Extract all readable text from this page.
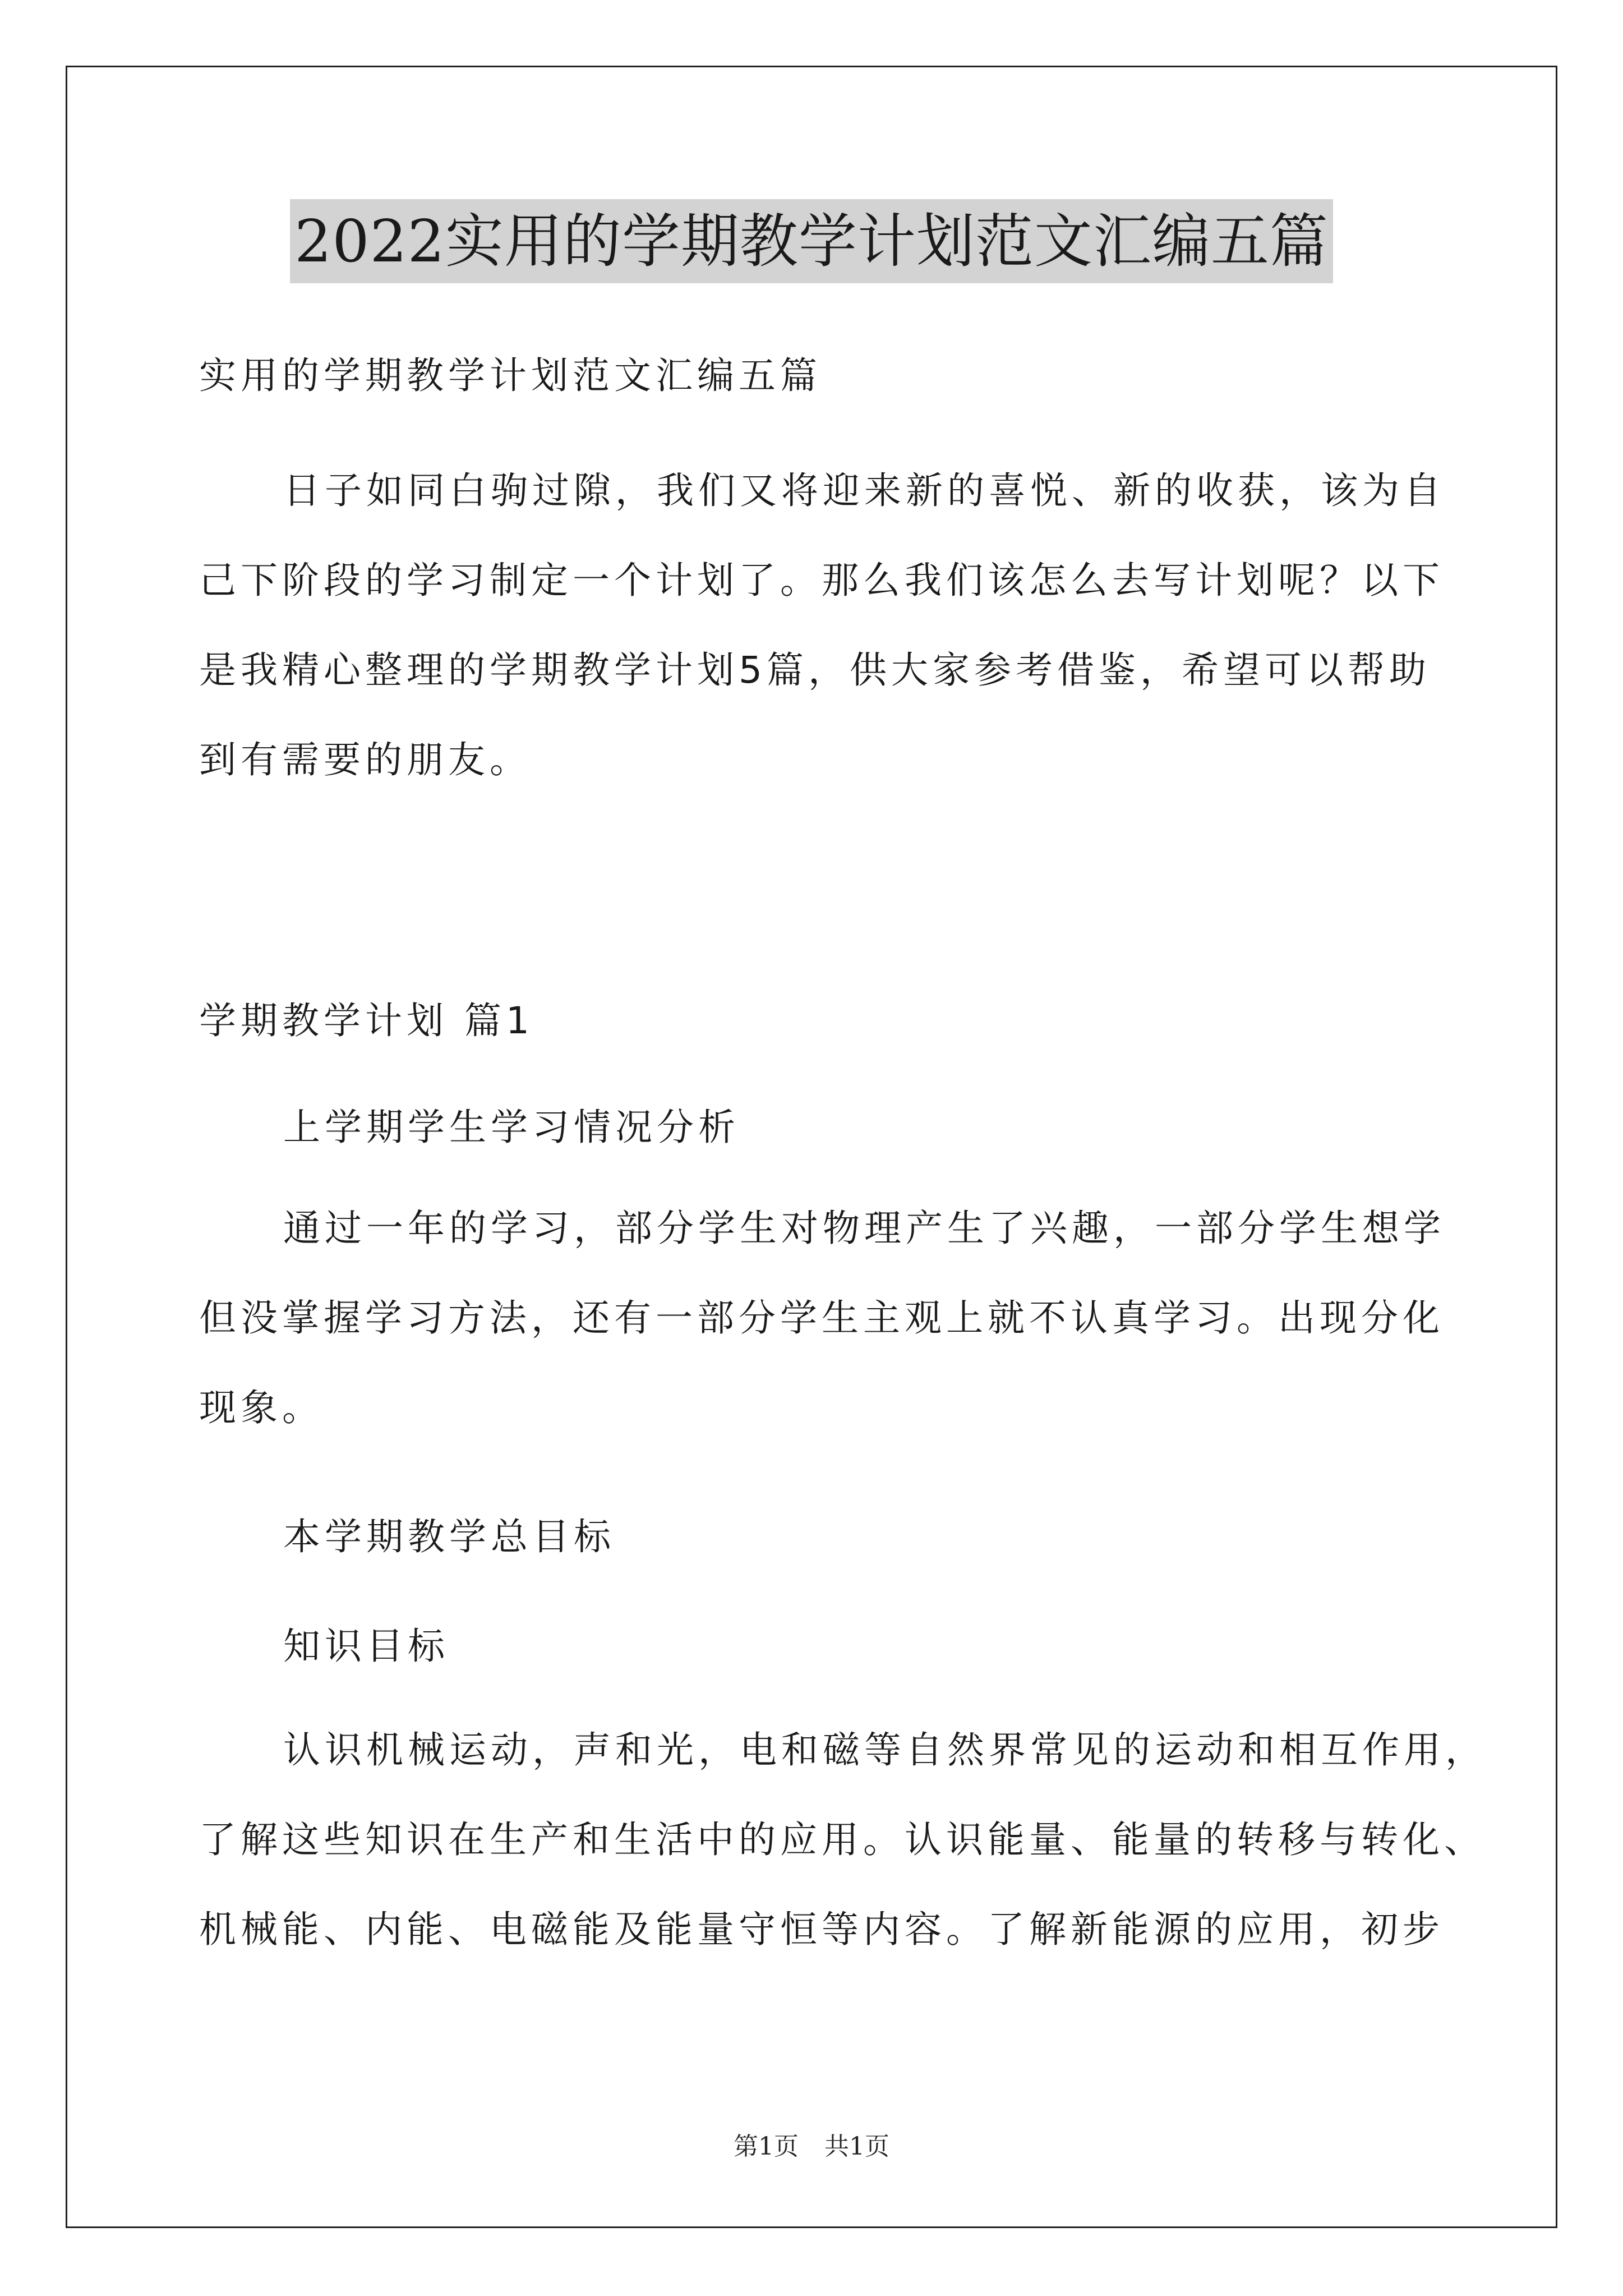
2022实用的学期教学计划范文汇编五篇
实用的学期教学计划范文汇编五篇
日子如同白驹过隙，我们又将迎来新的喜悦、新的收获，该为自
己下阶段的学习制定一个计划了。那么我们该怎么去写计划呢？以下
是我精心整理的学期教学计划5篇，供大家参考借鉴，希望可以帮助
到有需要的朋友。
学期教学计划 篇1
上学期学生学习情况分析
通过一年的学习，部分学生对物理产生了兴趣，一部分学生想学
但没掌握学习方法，还有一部分学生主观上就不认真学习。出现分化
现象。
本学期教学总目标
知识目标
认识机械运动，声和光，电和磁等自然界常见的运动和相互作用，
了解这些知识在生产和生活中的应用。认识能量、能量的转移与转化、
机械能、内能、电磁能及能量守恒等内容。了解新能源的应用，初步
第1页 共1页
